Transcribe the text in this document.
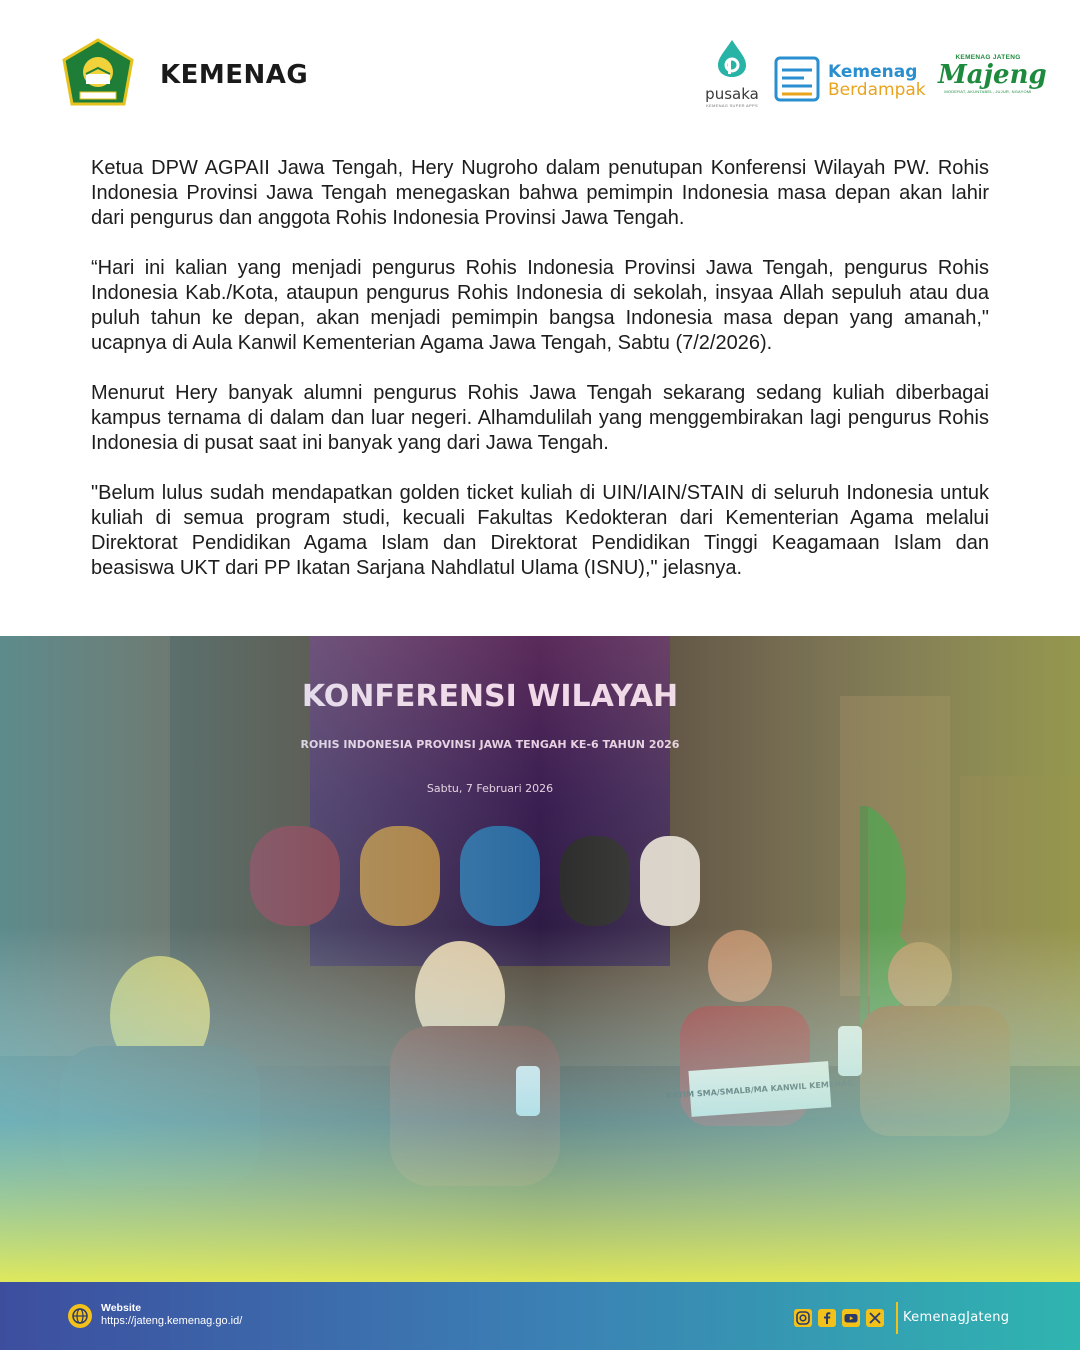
KEMENAG
pusaka
KEMENAG SUPER APPS
Kemenag
Berdampak
KEMENAG JATENG
Majeng
MODERAT, AKUNTABEL, JUJUR, NGAYOMI

Ketua DPW AGPAII Jawa Tengah, Hery Nugroho dalam penutupan Konferensi Wilayah PW. Rohis Indonesia Provinsi Jawa Tengah menegaskan bahwa pemimpin Indonesia masa depan akan lahir dari pengurus dan anggota Rohis Indonesia Provinsi Jawa Tengah.

“Hari ini kalian yang menjadi pengurus Rohis Indonesia Provinsi Jawa Tengah, pengurus Rohis Indonesia Kab./Kota, ataupun pengurus Rohis Indonesia di sekolah, insyaa Allah sepuluh atau dua puluh tahun ke depan, akan menjadi pemimpin bangsa Indonesia masa depan yang amanah," ucapnya di Aula Kanwil Kementerian Agama Jawa Tengah, Sabtu (7/2/2026).

Menurut Hery banyak alumni pengurus Rohis Jawa Tengah sekarang sedang kuliah diberbagai kampus ternama di dalam dan luar negeri. Alhamdulilah yang menggembirakan lagi pengurus Rohis Indonesia di pusat saat ini banyak yang dari Jawa Tengah.

"Belum lulus sudah mendapatkan golden ticket kuliah di UIN/IAIN/STAIN di seluruh Indonesia untuk kuliah di semua program studi, kecuali Fakultas Kedokteran dari Kementerian Agama melalui Direktorat Pendidikan Agama Islam dan Direktorat Pendidikan Tinggi Keagamaan Islam dan beasiswa UKT dari PP Ikatan Sarjana Nahdlatul Ulama (ISNU)," jelasnya.

Website
https://jateng.kemenag.go.id/	KemenagJateng
